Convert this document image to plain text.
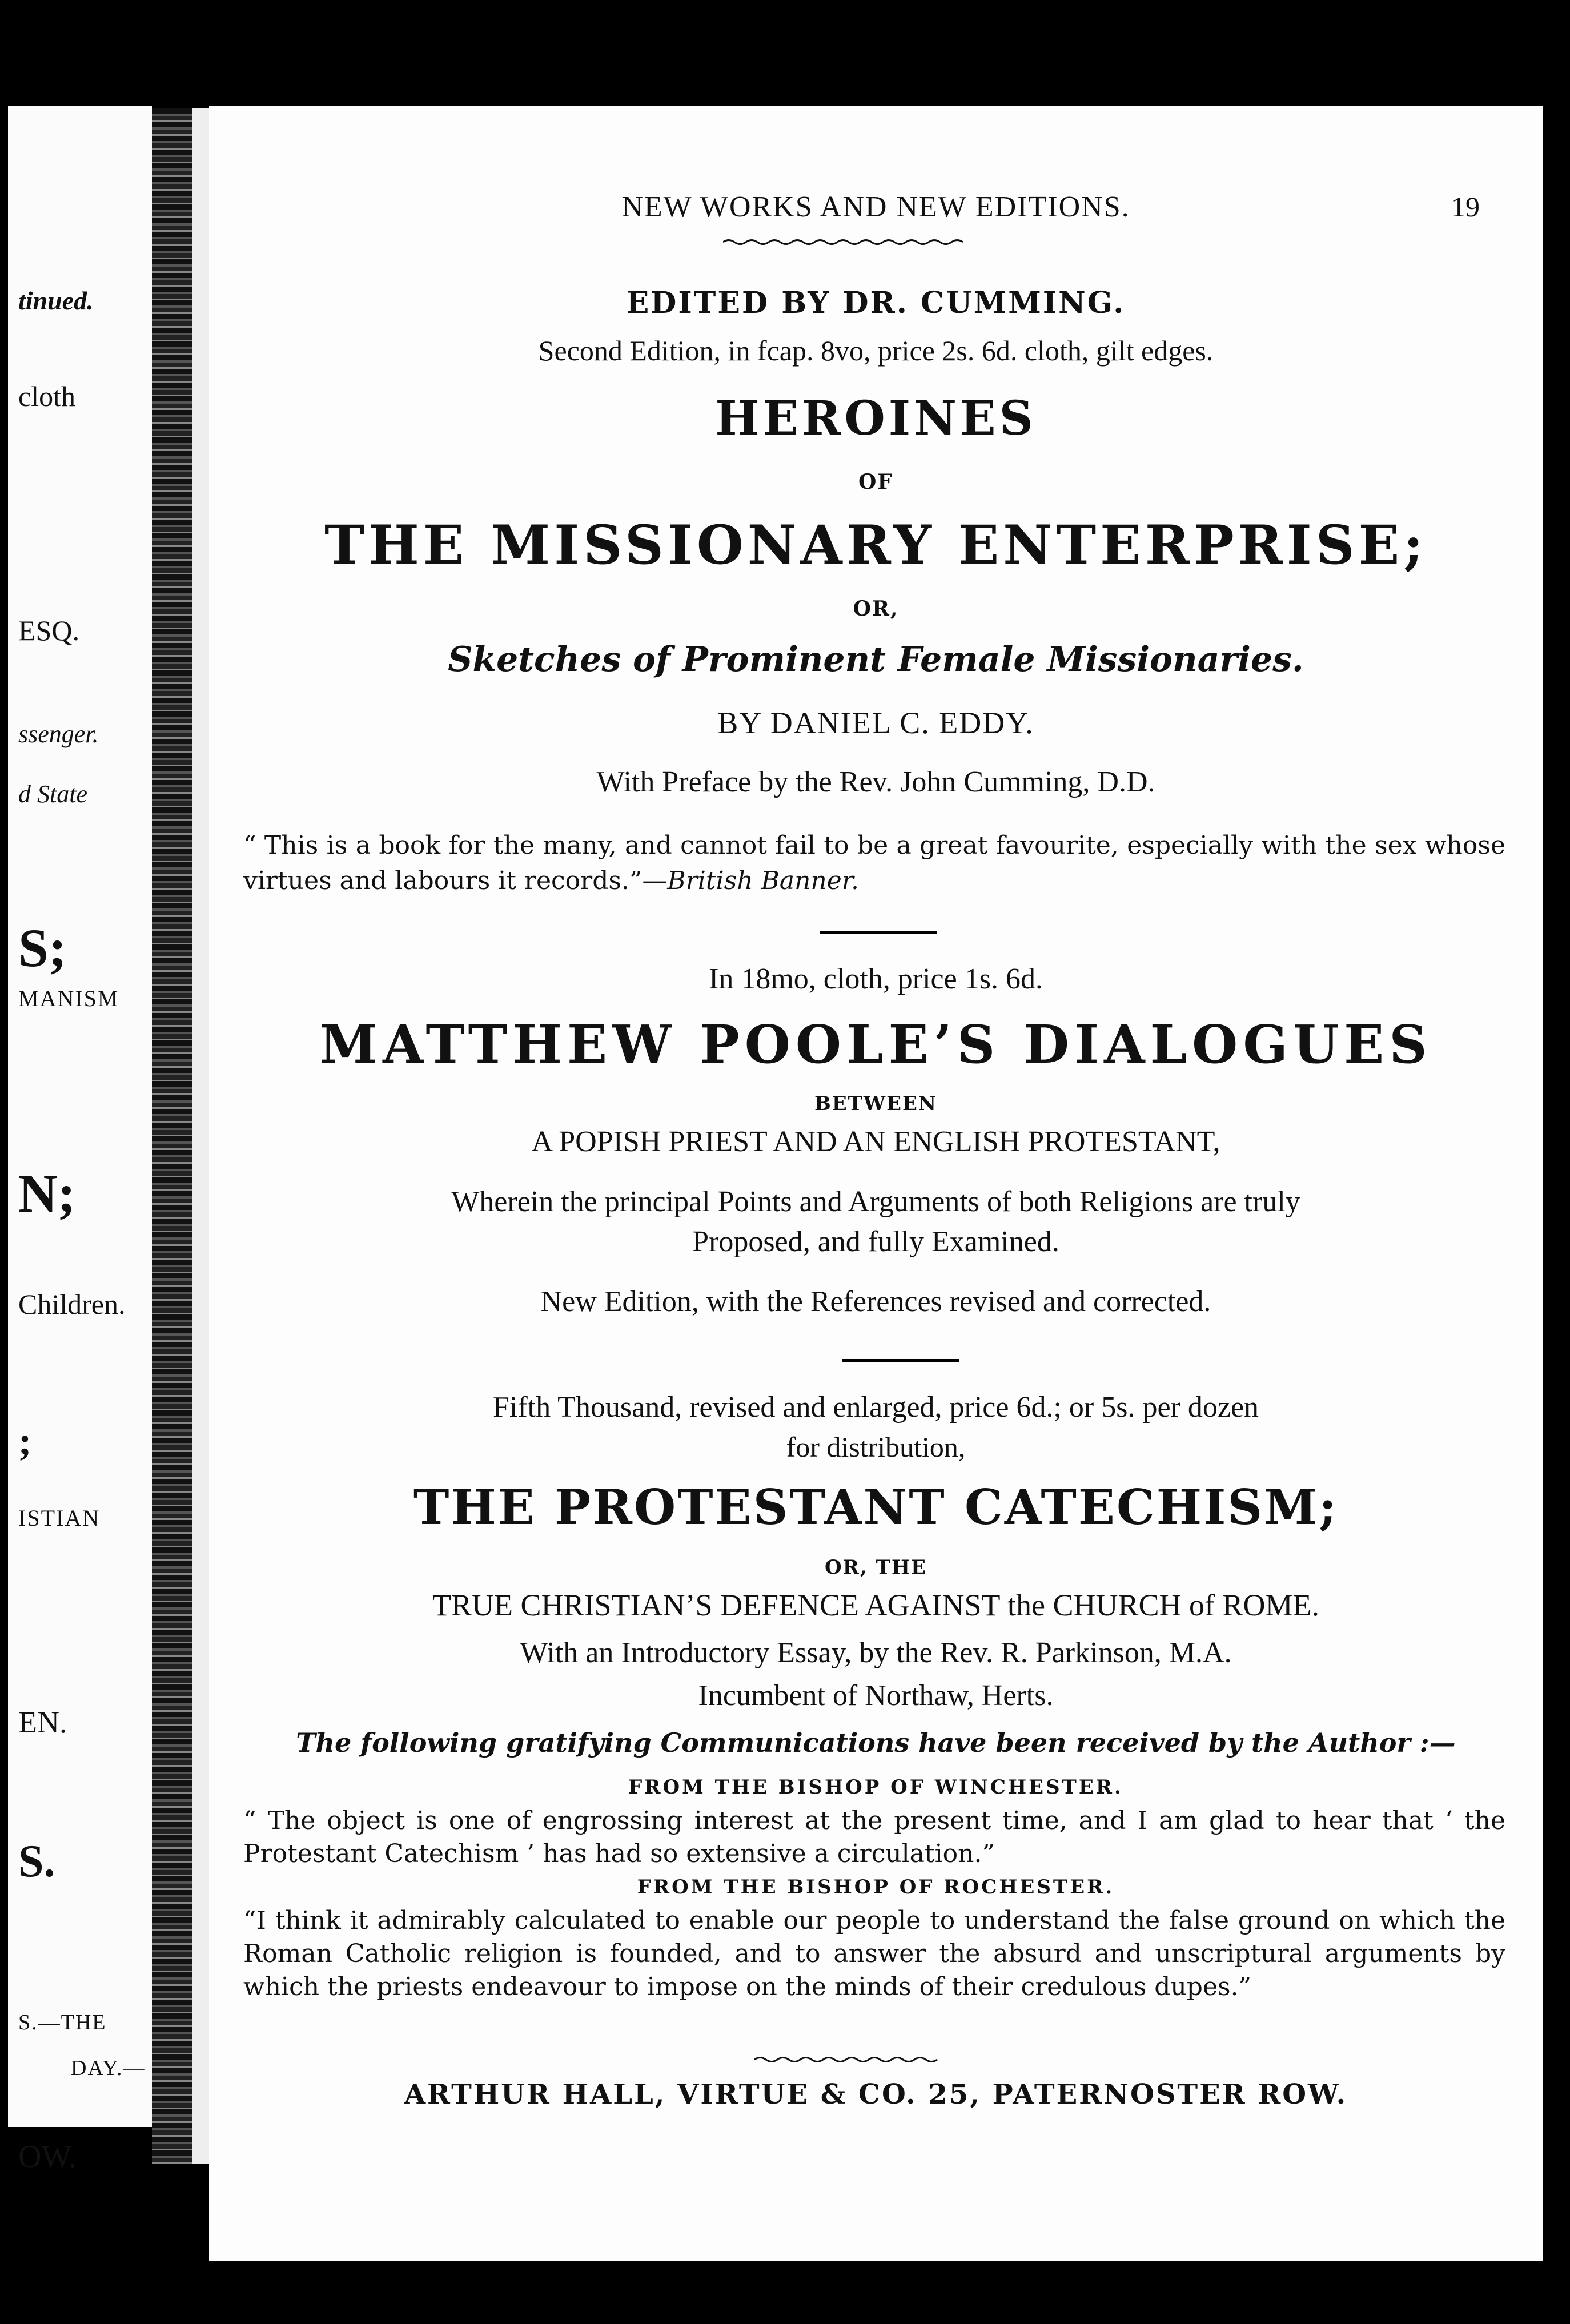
tinued.
cloth
ESQ.
ssenger.
d State
S;
MANISM
N;
Children.
;
ISTIAN
EN.
S.
S.—THE
DAY.—
OW.
NEW WORKS AND NEW EDITIONS.	19
EDITED BY DR. CUMMING.
Second Edition, in fcap. 8vo, price 2s. 6d. cloth, gilt edges.
HEROINES
OF
THE MISSIONARY ENTERPRISE;
OR,
Sketches of Prominent Female Missionaries.
BY DANIEL C. EDDY.
With Preface by the Rev. John Cumming, D.D.
“ This is a book for the many, and cannot fail to be a great favourite, especially with the sex whose virtues and labours it records.”—British Banner.
In 18mo, cloth, price 1s. 6d.
MATTHEW POOLE’S DIALOGUES
BETWEEN
A POPISH PRIEST AND AN ENGLISH PROTESTANT,
Wherein the principal Points and Arguments of both Religions are truly
Proposed, and fully Examined.
New Edition, with the References revised and corrected.
Fifth Thousand, revised and enlarged, price 6d.; or 5s. per dozen
for distribution,
THE PROTESTANT CATECHISM;
OR, THE
TRUE CHRISTIAN’S DEFENCE AGAINST the CHURCH of ROME.
With an Introductory Essay, by the Rev. R. Parkinson, M.A.
Incumbent of Northaw, Herts.
The following gratifying Communications have been received by the Author :—
FROM THE BISHOP OF WINCHESTER.
“ The object is one of engrossing interest at the present time, and I am glad to hear that ‘ the Protestant Catechism ’ has had so extensive a circulation.”
FROM THE BISHOP OF ROCHESTER.
“I think it admirably calculated to enable our people to understand the false ground on which the Roman Catholic religion is founded, and to answer the absurd and unscriptural arguments by which the priests endeavour to impose on the minds of their credulous dupes.”
ARTHUR HALL, VIRTUE & CO. 25, PATERNOSTER ROW.
